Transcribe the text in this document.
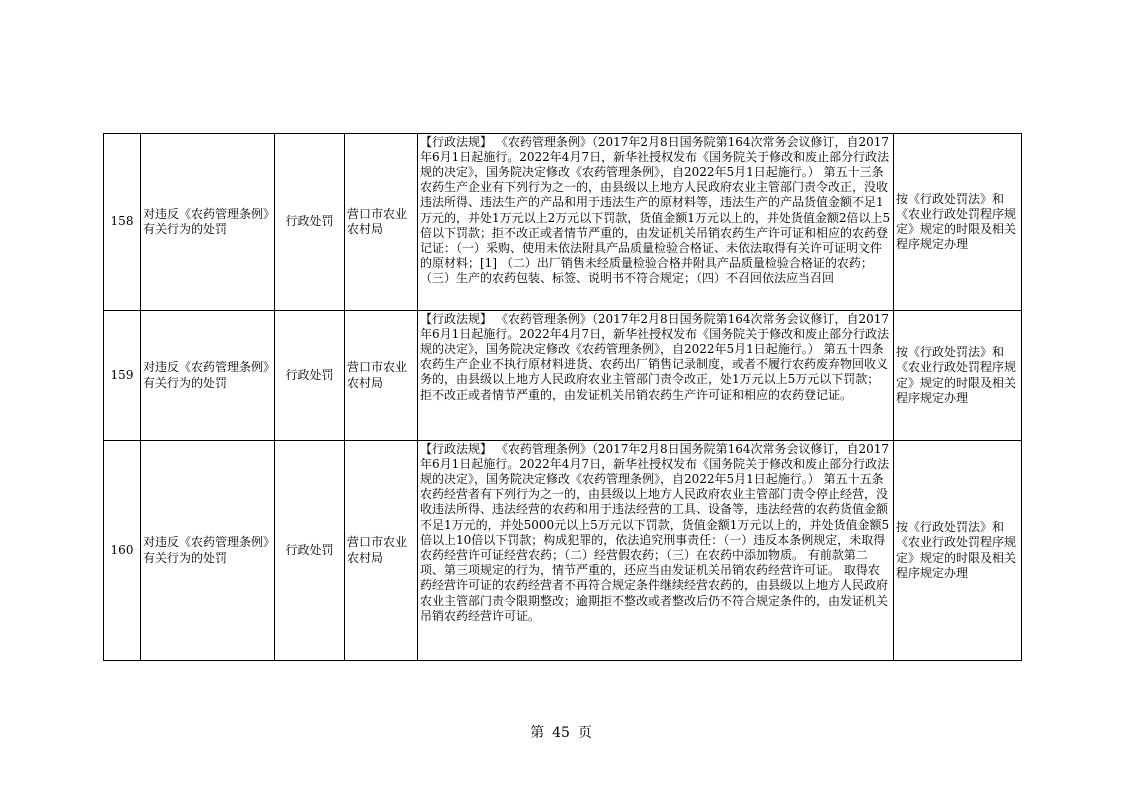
158	对违反《农药管理条例》有关行为的处罚	行政处罚	营口市农业农村局	【行政法规】 《农药管理条例》（2017年2月8日国务院第164次常务会议修订，自2017年6月1日起施行。2022年4月7日，新华社授权发布《国务院关于修改和废止部分行政法规的决定》，国务院决定修改《农药管理条例》，自2022年5月1日起施行。） 第五十三条 农药生产企业有下列行为之一的，由县级以上地方人民政府农业主管部门责令改正，没收违法所得、违法生产的产品和用于违法生产的原材料等，违法生产的产品货值金额不足1万元的，并处1万元以上2万元以下罚款，货值金额1万元以上的，并处货值金额2倍以上5倍以下罚款；拒不改正或者情节严重的，由发证机关吊销农药生产许可证和相应的农药登记证：（一）采购、使用未依法附具产品质量检验合格证、未依法取得有关许可证明文件的原材料；[1] （二）出厂销售未经质量检验合格并附具产品质量检验合格证的农药；（三）生产的农药包装、标签、说明书不符合规定；（四）不召回依法应当召回	按《行政处罚法》和《农业行政处罚程序规定》规定的时限及相关程序规定办理
159	对违反《农药管理条例》有关行为的处罚	行政处罚	营口市农业农村局	【行政法规】 《农药管理条例》（2017年2月8日国务院第164次常务会议修订，自2017年6月1日起施行。2022年4月7日，新华社授权发布《国务院关于修改和废止部分行政法规的决定》，国务院决定修改《农药管理条例》，自2022年5月1日起施行。） 第五十四条 农药生产企业不执行原材料进货、农药出厂销售记录制度，或者不履行农药废弃物回收义务的，由县级以上地方人民政府农业主管部门责令改正，处1万元以上5万元以下罚款；拒不改正或者情节严重的，由发证机关吊销农药生产许可证和相应的农药登记证。	按《行政处罚法》和《农业行政处罚程序规定》规定的时限及相关程序规定办理
160	对违反《农药管理条例》有关行为的处罚	行政处罚	营口市农业农村局	【行政法规】 《农药管理条例》（2017年2月8日国务院第164次常务会议修订，自2017年6月1日起施行。2022年4月7日，新华社授权发布《国务院关于修改和废止部分行政法规的决定》，国务院决定修改《农药管理条例》，自2022年5月1日起施行。） 第五十五条 农药经营者有下列行为之一的，由县级以上地方人民政府农业主管部门责令停止经营，没收违法所得、违法经营的农药和用于违法经营的工具、设备等，违法经营的农药货值金额不足1万元的，并处5000元以上5万元以下罚款，货值金额1万元以上的，并处货值金额5倍以上10倍以下罚款；构成犯罪的，依法追究刑事责任：（一）违反本条例规定，未取得农药经营许可证经营农药；（二）经营假农药；（三）在农药中添加物质。 有前款第二项、第三项规定的行为，情节严重的，还应当由发证机关吊销农药经营许可证。 取得农药经营许可证的农药经营者不再符合规定条件继续经营农药的，由县级以上地方人民政府农业主管部门责令限期整改；逾期拒不整改或者整改后仍不符合规定条件的，由发证机关吊销农药经营许可证。	按《行政处罚法》和《农业行政处罚程序规定》规定的时限及相关程序规定办理
第 45 页
